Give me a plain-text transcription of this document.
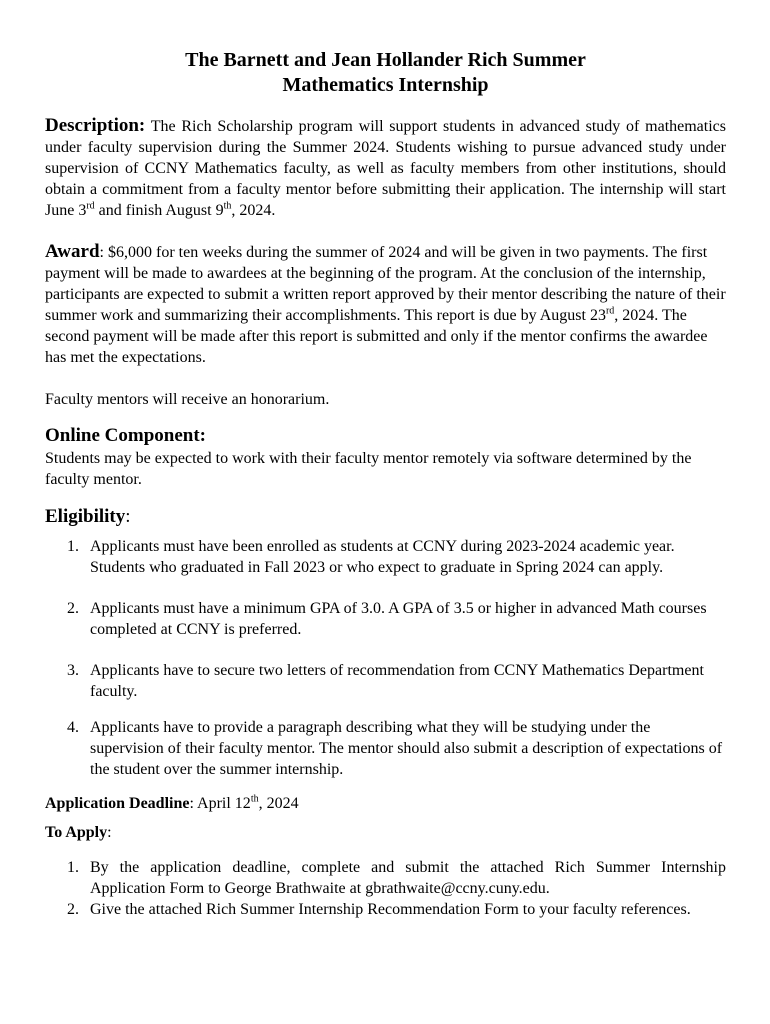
The Barnett and Jean Hollander Rich Summer
Mathematics Internship

Description: The Rich Scholarship program will support students in advanced study of mathematics under faculty supervision during the Summer 2024. Students wishing to pursue advanced study under supervision of CCNY Mathematics faculty, as well as faculty members from other institutions, should obtain a commitment from a faculty mentor before submitting their application. The internship will start June 3rd and finish August 9th, 2024.

Award: $6,000 for ten weeks during the summer of 2024 and will be given in two payments. The first payment will be made to awardees at the beginning of the program. At the conclusion of the internship, participants are expected to submit a written report approved by their mentor describing the nature of their summer work and summarizing their accomplishments. This report is due by August 23rd, 2024. The second payment will be made after this report is submitted and only if the mentor confirms the awardee has met the expectations.

Faculty mentors will receive an honorarium.

Online Component:

Students may be expected to work with their faculty mentor remotely via software determined by the faculty mentor.

Eligibility:
1. Applicants must have been enrolled as students at CCNY during 2023-2024 academic year. Students who graduated in Fall 2023 or who expect to graduate in Spring 2024 can apply.
2. Applicants must have a minimum GPA of 3.0. A GPA of 3.5 or higher in advanced Math courses completed at CCNY is preferred.
3. Applicants have to secure two letters of recommendation from CCNY Mathematics Department faculty.
4. Applicants have to provide a paragraph describing what they will be studying under the supervision of their faculty mentor. The mentor should also submit a description of expectations of the student over the summer internship.

Application Deadline: April 12th, 2024

To Apply:

1. By the application deadline, complete and submit the attached Rich Summer Internship Application Form to George Brathwaite at gbrathwaite@ccny.cuny.edu.
2. Give the attached Rich Summer Internship Recommendation Form to your faculty references.
